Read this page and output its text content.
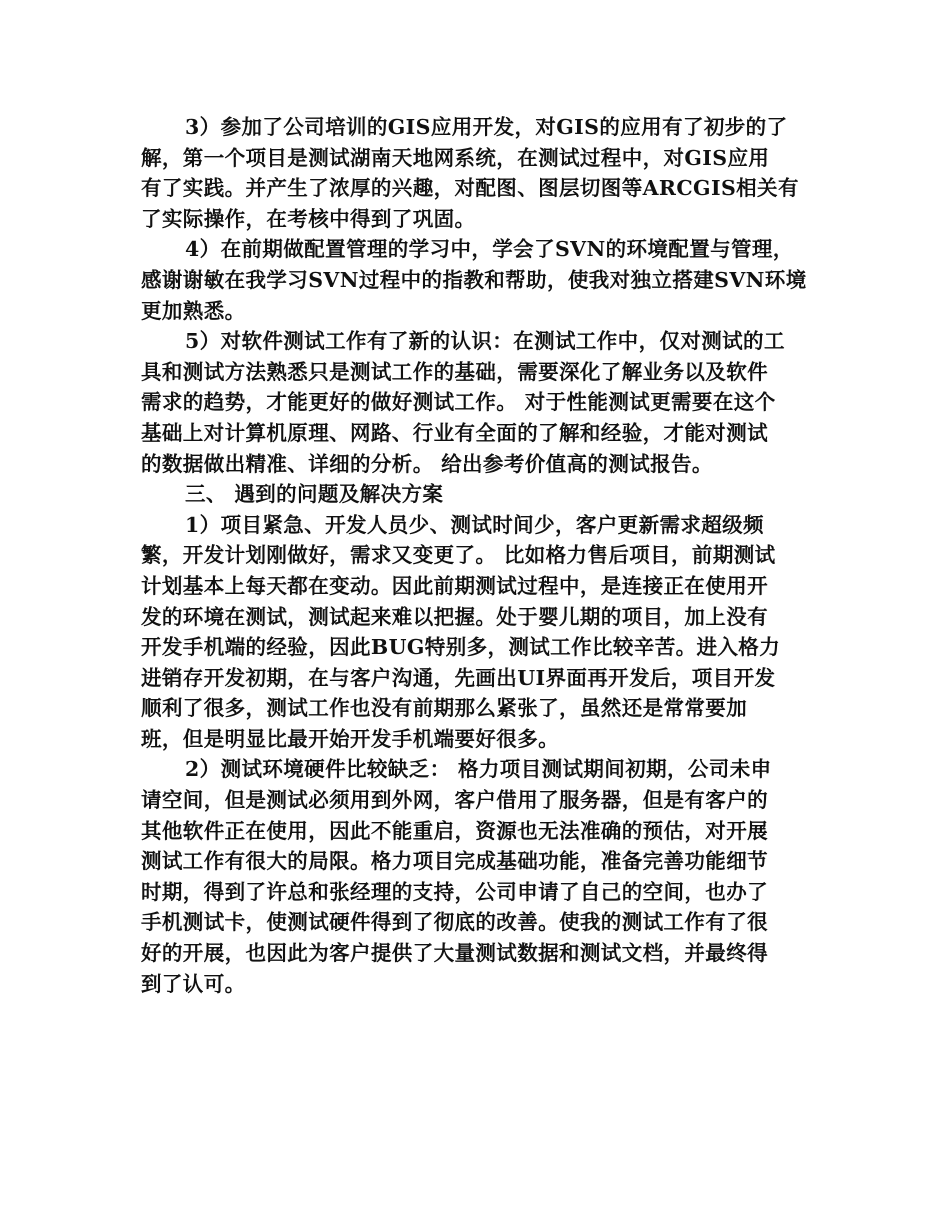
3）参加了公司培训的GIS应用开发，对GIS的应用有了初步的了
解，第一个项目是测试湖南天地网系统，在测试过程中，对GIS应用
有了实践。并产生了浓厚的兴趣，对配图、图层切图等ARCGIS相关有
了实际操作，在考核中得到了巩固。

4）在前期做配置管理的学习中，学会了SVN的环境配置与管理，
感谢谢敏在我学习SVN过程中的指教和帮助，使我对独立搭建SVN环境
更加熟悉。

5）对软件测试工作有了新的认识：在测试工作中，仅对测试的工
具和测试方法熟悉只是测试工作的基础，需要深化了解业务以及软件
需求的趋势，才能更好的做好测试工作。 对于性能测试更需要在这个
基础上对计算机原理、网路、行业有全面的了解和经验，才能对测试
的数据做出精准、详细的分析。 给出参考价值高的测试报告。

三、 遇到的问题及解决方案

1）项目紧急、开发人员少、测试时间少，客户更新需求超级频
繁，开发计划刚做好，需求又变更了。 比如格力售后项目，前期测试
计划基本上每天都在变动。因此前期测试过程中，是连接正在使用开
发的环境在测试，测试起来难以把握。处于婴儿期的项目，加上没有
开发手机端的经验，因此BUG特别多，测试工作比较辛苦。进入格力
进销存开发初期，在与客户沟通，先画出UI界面再开发后，项目开发
顺利了很多，测试工作也没有前期那么紧张了，虽然还是常常要加
班，但是明显比最开始开发手机端要好很多。

2）测试环境硬件比较缺乏： 格力项目测试期间初期，公司未申
请空间，但是测试必须用到外网，客户借用了服务器，但是有客户的
其他软件正在使用，因此不能重启，资源也无法准确的预估，对开展
测试工作有很大的局限。格力项目完成基础功能，准备完善功能细节
时期，得到了许总和张经理的支持，公司申请了自己的空间，也办了
手机测试卡，使测试硬件得到了彻底的改善。使我的测试工作有了很
好的开展，也因此为客户提供了大量测试数据和测试文档，并最终得
到了认可。
